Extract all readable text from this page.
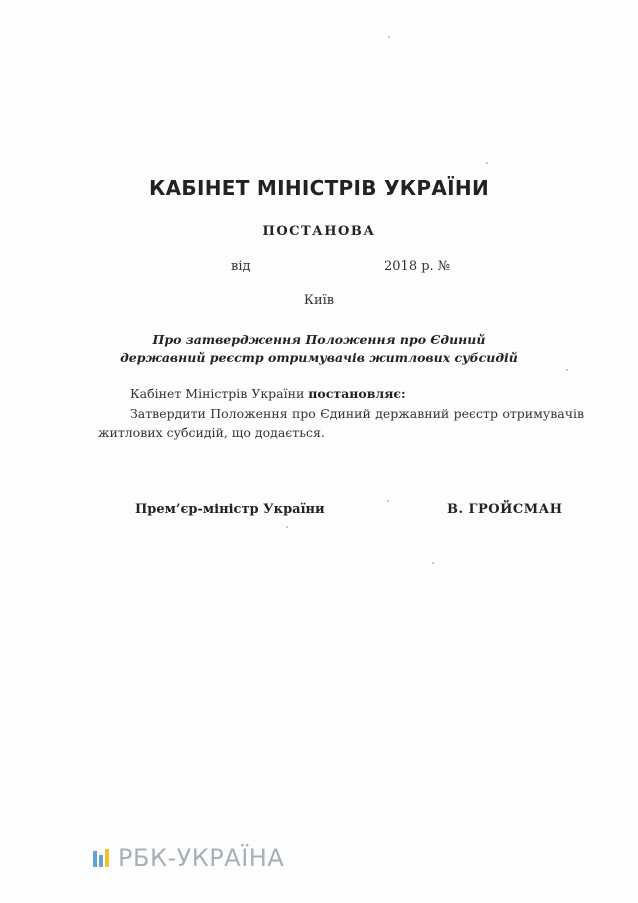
КАБІНЕТ МІНІСТРІВ УКРАЇНИ
ПОСТАНОВА
від	2018 р. №
Київ
Про затвердження Положення про Єдиний
державний реєстр отримувачів житлових субсидій
Кабінет Міністрів України постановляє:
Затвердити Положення про Єдиний державний реєстр отримувачів
житлових субсидій, що додається.
Прем’єр-міністр України	В. ГРОЙСМАН
РБК-УКРАЇНА
